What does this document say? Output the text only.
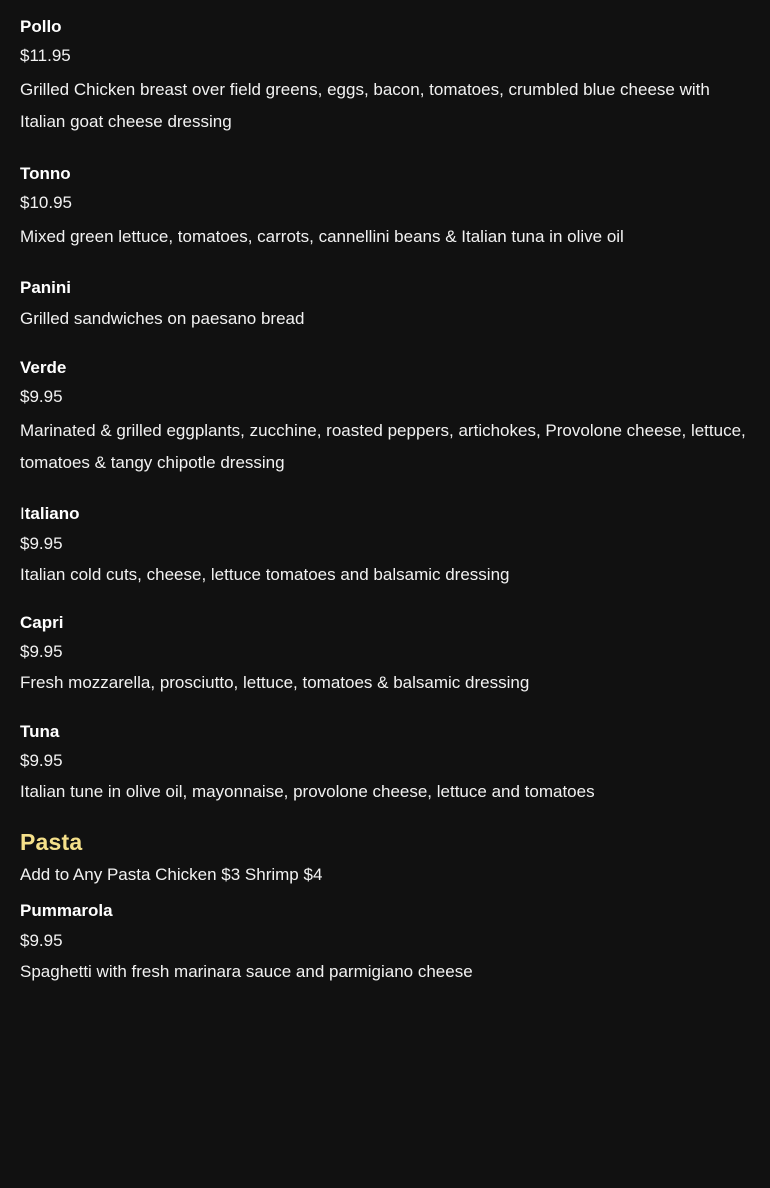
Pollo
$11.95
Grilled Chicken breast over field greens, eggs, bacon, tomatoes, crumbled blue cheese with Italian goat cheese dressing
Tonno
$10.95
Mixed green lettuce, tomatoes, carrots, cannellini beans & Italian tuna in olive oil
Panini
Grilled sandwiches on paesano bread
Verde
$9.95
Marinated & grilled eggplants, zucchine, roasted peppers, artichokes, Provolone cheese, lettuce, tomatoes & tangy chipotle dressing
Italiano
$9.95
Italian cold cuts, cheese, lettuce tomatoes and balsamic dressing
Capri
$9.95
Fresh mozzarella, prosciutto, lettuce, tomatoes & balsamic dressing
Tuna
$9.95
Italian tune in olive oil, mayonnaise, provolone cheese, lettuce and tomatoes
Pasta
Add to Any Pasta Chicken $3 Shrimp $4
Pummarola
$9.95
Spaghetti with fresh marinara sauce and parmigiano cheese
